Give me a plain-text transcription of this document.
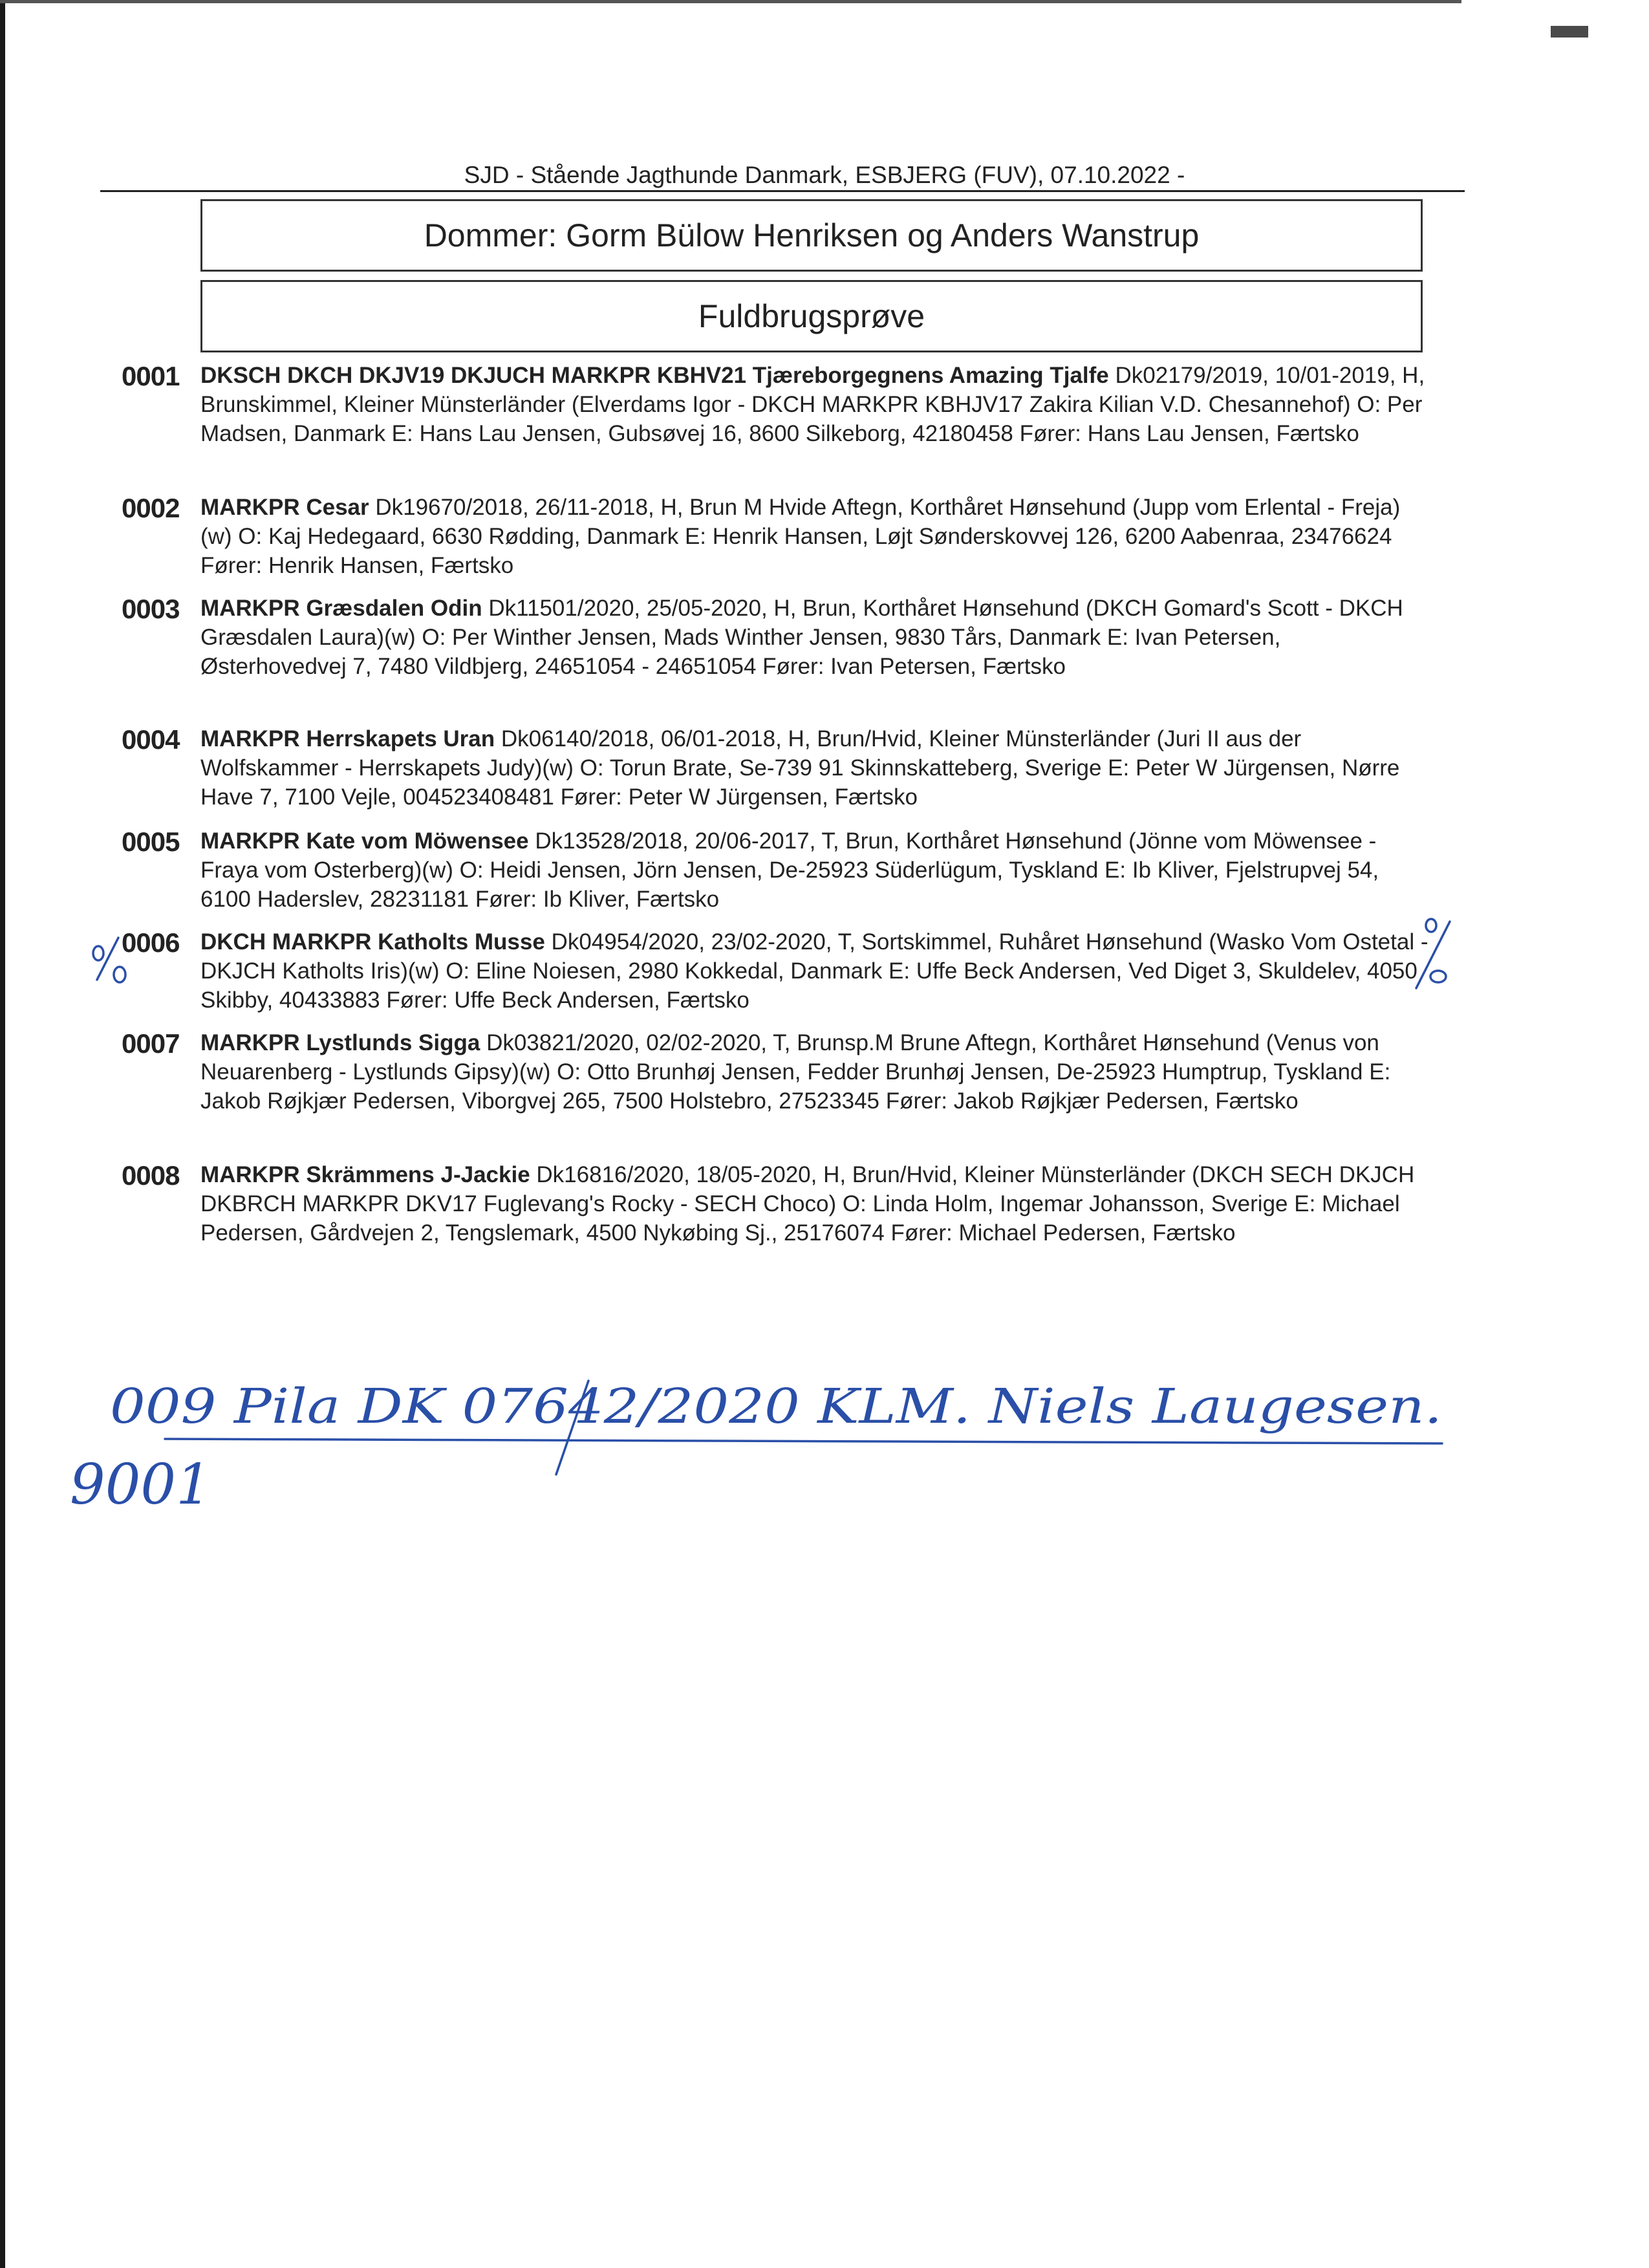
SJD - Stående Jagthunde Danmark, ESBJERG (FUV), 07.10.2022 -
Dommer: Gorm Bülow Henriksen og Anders Wanstrup
Fuldbrugsprøve
0001 DKSCH DKCH DKJV19 DKJUCH MARKPR KBHV21 Tjæreborgegnens Amazing Tjalfe Dk02179/2019, 10/01-2019, H, Brunskimmel, Kleiner Münsterländer (Elverdams Igor - DKCH MARKPR KBHJV17 Zakira Kilian V.D. Chesannehof) O: Per Madsen, Danmark E: Hans Lau Jensen, Gubsøvej 16, 8600 Silkeborg, 42180458 Fører: Hans Lau Jensen, Færtsko
0002 MARKPR Cesar Dk19670/2018, 26/11-2018, H, Brun M Hvide Aftegn, Korthåret Hønsehund (Jupp vom Erlental - Freja)(w) O: Kaj Hedegaard, 6630 Rødding, Danmark E: Henrik Hansen, Løjt Sønderskovvej 126, 6200 Aabenraa, 23476624 Fører: Henrik Hansen, Færtsko
0003 MARKPR Græsdalen Odin Dk11501/2020, 25/05-2020, H, Brun, Korthåret Hønsehund (DKCH Gomard's Scott - DKCH Græsdalen Laura)(w) O: Per Winther Jensen, Mads Winther Jensen, 9830 Tårs, Danmark E: Ivan Petersen, Østerhovedvej 7, 7480 Vildbjerg, 24651054 - 24651054 Fører: Ivan Petersen, Færtsko
0004 MARKPR Herrskapets Uran Dk06140/2018, 06/01-2018, H, Brun/Hvid, Kleiner Münsterländer (Juri II aus der Wolfskammer - Herrskapets Judy)(w) O: Torun Brate, Se-739 91 Skinnskatteberg, Sverige E: Peter W Jürgensen, Nørre Have 7, 7100 Vejle, 004523408481 Fører: Peter W Jürgensen, Færtsko
0005 MARKPR Kate vom Möwensee Dk13528/2018, 20/06-2017, T, Brun, Korthåret Hønsehund (Jönne vom Möwensee - Fraya vom Osterberg)(w) O: Heidi Jensen, Jörn Jensen, De-25923 Süderlügum, Tyskland E: Ib Kliver, Fjelstrupvej 54, 6100 Haderslev, 28231181 Fører: Ib Kliver, Færtsko
0006 DKCH MARKPR Katholts Musse Dk04954/2020, 23/02-2020, T, Sortskimmel, Ruhåret Hønsehund (Wasko Vom Ostetal - DKJCH Katholts Iris)(w) O: Eline Noiesen, 2980 Kokkedal, Danmark E: Uffe Beck Andersen, Ved Diget 3, Skuldelev, 4050 Skibby, 40433883 Fører: Uffe Beck Andersen, Færtsko
0007 MARKPR Lystlunds Sigga Dk03821/2020, 02/02-2020, T, Brunsp.M Brune Aftegn, Korthåret Hønsehund (Venus von Neuarenberg - Lystlunds Gipsy)(w) O: Otto Brunhøj Jensen, Fedder Brunhøj Jensen, De-25923 Humptrup, Tyskland E: Jakob Røjkjær Pedersen, Viborgvej 265, 7500 Holstebro, 27523345 Fører: Jakob Røjkjær Pedersen, Færtsko
0008 MARKPR Skrämmens J-Jackie Dk16816/2020, 18/05-2020, H, Brun/Hvid, Kleiner Münsterländer (DKCH SECH DKJCH DKBRCH MARKPR DKV17 Fuglevang's Rocky - SECH Choco) O: Linda Holm, Ingemar Johansson, Sverige E: Michael Pedersen, Gårdvejen 2, Tengslemark, 4500 Nykøbing Sj., 25176074 Fører: Michael Pedersen, Færtsko
0/0	0/0
009 Pila DK 07642/2020 KLM. Niels Laugesen.
9001
